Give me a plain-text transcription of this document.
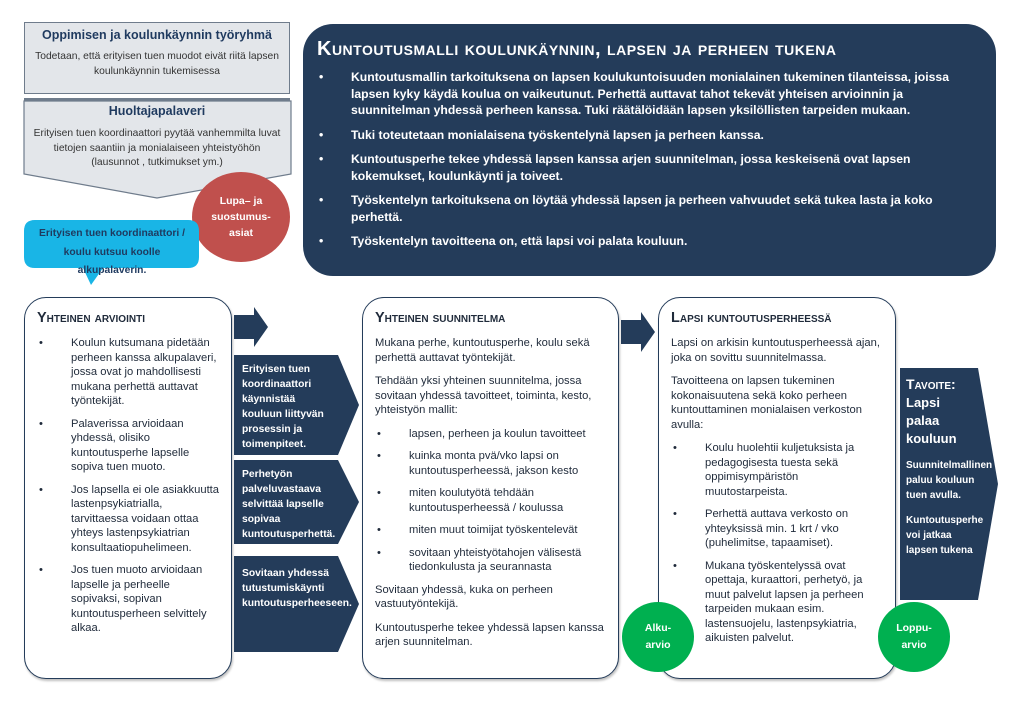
Oppimisen ja koulunkäynnin työryhmä

Todetaan, että erityisen tuen muodot eivät riitä lapsen koulunkäynnin tukemisessa

Huoltajapalaveri
Erityisen tuen koordinaattori pyytää vanhemmilta luvat tietojen saantiin ja monialaiseen yhteistyöhön (lausunnot , tutkimukset ym.)
Lupa– ja suostumus-asiat
Erityisen tuen koordinaattori / koulu kutsuu koolle alkupalaverin.
Kuntoutusmalli koulunkäynnin, lapsen ja perheen tukena
• Kuntoutusmallin tarkoituksena on lapsen koulukuntoisuuden monialainen tukeminen tilanteissa, joissa lapsen kyky käydä koulua on vaikeutunut. Perhettä auttavat tahot tekevät yhteisen arvioinnin ja suunnitelman yhdessä perheen kanssa. Tuki räätälöidään lapsen yksilöllisten tarpeiden mukaan.
• Tuki toteutetaan monialaisena työskentelynä lapsen ja perheen kanssa.
• Kuntoutusperhe tekee yhdessä lapsen kanssa arjen suunnitelman, jossa keskeisenä ovat lapsen kokemukset, koulunkäynti ja toiveet.
• Työskentelyn tarkoituksena on löytää yhdessä lapsen ja perheen vahvuudet sekä tukea lasta ja koko perhettä.
• Työskentelyn tavoitteena on, että lapsi voi palata kouluun.
Yhteinen arviointi
• Koulun kutsumana pidetään perheen kanssa alkupalaveri, jossa ovat jo mahdollisesti mukana perhettä auttavat työntekijät.
• Palaverissa arvioidaan yhdessä, olisiko kuntoutusperhe lapselle sopiva tuen muoto.
• Jos lapsella ei ole asiakkuutta lastenpsykiatrialla, tarvittaessa voidaan ottaa yhteys lastenpsykiatrian konsultaatiopuhelimeen.
• Jos tuen muoto arvioidaan lapselle ja perheelle sopivaksi, sopivan kuntoutusperheen selvittely alkaa.
Erityisen tuen koordinaattori käynnistää kouluun liittyvän prosessin ja toimenpiteet.
Perhetyön palveluvastaava selvittää lapselle sopivaa kuntoutusperhettä.
Sovitaan yhdessä tutustumiskäynti kuntoutusperheeseen.
Yhteinen suunnitelma

Mukana perhe, kuntoutusperhe, koulu sekä perhettä auttavat työntekijät.

Tehdään yksi yhteinen suunnitelma, jossa sovitaan yhdessä tavoitteet, toiminta, kesto, yhteistyön mallit:

• lapsen, perheen ja koulun tavoitteet
• kuinka monta pvä/vko lapsi on kuntoutusperheessä, jakson kesto
• miten koulutyötä tehdään kuntoutusperheessä / koulussa
• miten muut toimijat työskentelevät
• sovitaan yhteistyötahojen välisestä tiedonkulusta ja seurannasta

Sovitaan yhdessä, kuka on perheen vastuutyöntekijä.

Kuntoutusperhe tekee yhdessä lapsen kanssa arjen suunnitelman.

Lapsi kuntoutusperheessä

Lapsi on arkisin kuntoutusperheessä ajan, joka on sovittu suunnitelmassa.

Tavoitteena on lapsen tukeminen kokonaisuutena sekä koko perheen kuntouttaminen monialaisen verkoston avulla:

• Koulu huolehtii kuljetuksista ja pedagogisesta tuesta sekä oppimisympäristön muutostarpeista.
• Perhettä auttava verkosto on yhteyksissä min. 1 krt / vko (puhelimitse, tapaamiset).
• Mukana työskentelyssä ovat opettaja, kuraattori, perhetyö, ja muut palvelut lapsen ja perheen tarpeiden mukaan esim. lastensuojelu, lastenpsykiatria, aikuisten palvelut.
Tavoite:
Lapsi palaa kouluun
Suunnitelmallinen paluu kouluun tuen avulla.
Kuntoutusperhe voi jatkaa lapsen tukena
Alku-arvio
Loppu-arvio
